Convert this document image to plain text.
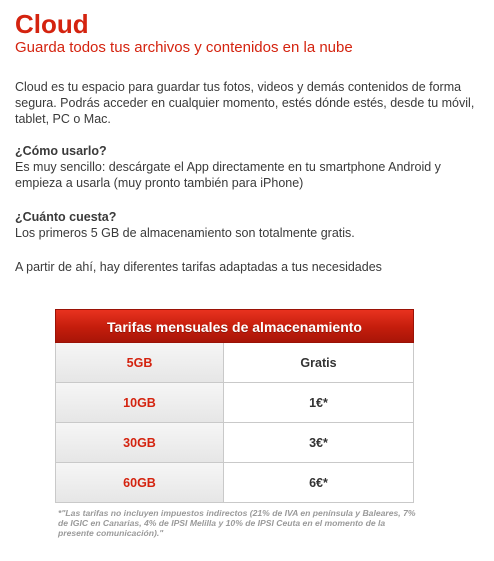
Cloud
Guarda todos tus archivos y contenidos en la nube

Cloud es tu espacio para guardar tus fotos, videos y demás contenidos de forma segura. Podrás acceder en cualquier momento, estés dónde estés, desde tu móvil, tablet, PC o Mac.

¿Cómo usarlo?

Es muy sencillo: descárgate el App directamente en tu smartphone Android y empieza a usarla (muy pronto también para iPhone)

¿Cuánto cuesta?

Los primeros 5 GB de almacenamiento son totalmente gratis.

A partir de ahí, hay diferentes tarifas adaptadas a tus necesidades

Tarifas mensuales de almacenamiento
5GB	Gratis
10GB	1€*
30GB	3€*
60GB	6€*
*"Las tarifas no incluyen impuestos indirectos (21% de IVA en península y Baleares, 7% de IGIC en Canarias, 4% de IPSI Melilla y 10% de IPSI Ceuta en el momento de la presente comunicación)."
